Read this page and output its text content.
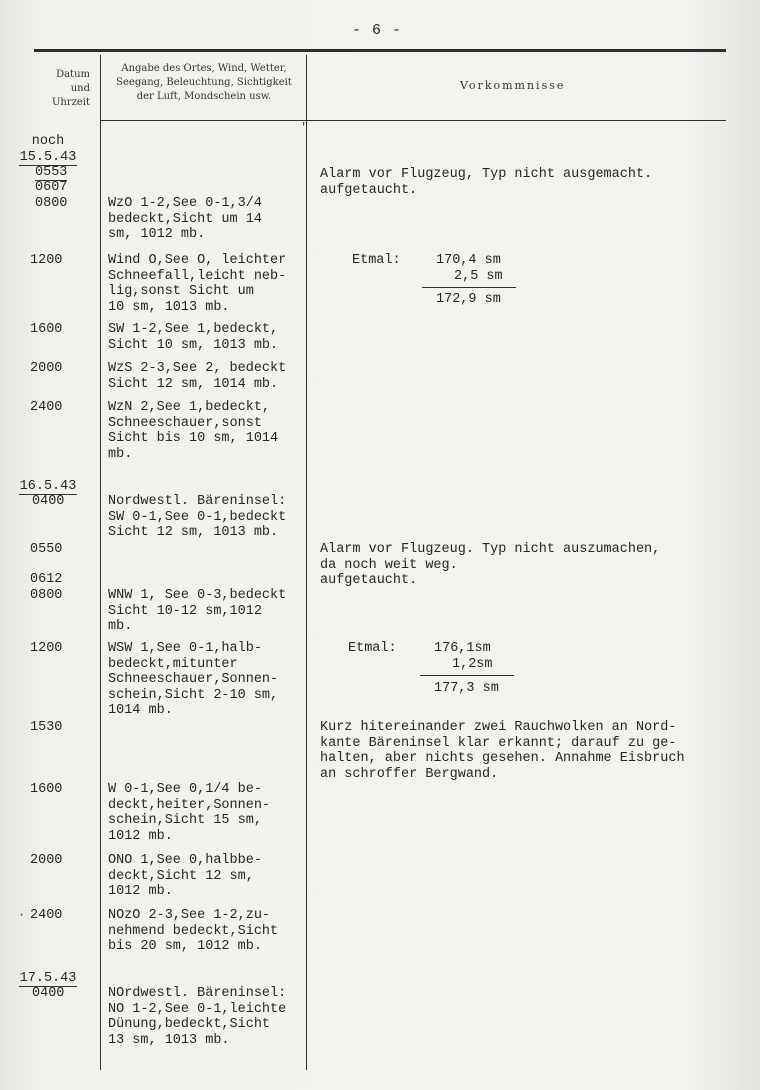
- 6 -
Datum
und
Uhrzeit
Angabe des Ortes, Wind, Wetter,
Seegang, Beleuchtung, Sichtigkeit
der Luft, Mondschein usw.
Vorkommnisse
'
noch
15.5.43
0553
0607
0800
1200
1600
2000
2400
16.5.43
0400
0550
0612
0800
1200
1530
1600
2000
2400
·
17.5.43
0400
WzO 1-2,See 0-1,3/4
bedeckt,Sicht um 14
sm, 1012 mb.
Wind O,See O, leichter
Schneefall,leicht neb-
lig,sonst Sicht um
10 sm, 1013 mb.
SW 1-2,See 1,bedeckt,
Sicht 10 sm, 1013 mb.
WzS 2-3,See 2, bedeckt
Sicht 12 sm, 1014 mb.
WzN 2,See 1,bedeckt,
Schneeschauer,sonst
Sicht bis 10 sm, 1014
mb.
Nordwestl. Bäreninsel:
SW 0-1,See 0-1,bedeckt
Sicht 12 sm, 1013 mb.
WNW 1, See 0-3,bedeckt
Sicht 10-12 sm,1012
mb.
WSW 1,See 0-1,halb-
bedeckt,mitunter
Schneeschauer,Sonnen-
schein,Sicht 2-10 sm,
1014 mb.
W 0-1,See 0,1/4 be-
deckt,heiter,Sonnen-
schein,Sicht 15 sm,
1012 mb.
ONO 1,See 0,halbbe-
deckt,Sicht 12 sm,
1012 mb.
NOzO 2-3,See 1-2,zu-
nehmend bedeckt,Sicht
bis 20 sm, 1012 mb.
NOrdwestl. Bäreninsel:
NO 1-2,See 0-1,leichte
Dünung,bedeckt,Sicht
13 sm, 1013 mb.
Alarm vor Flugzeug, Typ nicht ausgemacht.
aufgetaucht.
Etmal:	170,4 sm
2,5 sm
172,9 sm
Alarm vor Flugzeug. Typ nicht auszumachen,
da noch weit weg.
aufgetaucht.
Etmal:	176,1sm
1,2sm
177,3 sm
Kurz hitereinander zwei Rauchwolken an Nord-
kante Bäreninsel klar erkannt; darauf zu ge-
halten, aber nichts gesehen. Annahme Eisbruch
an schroffer Bergwand.
